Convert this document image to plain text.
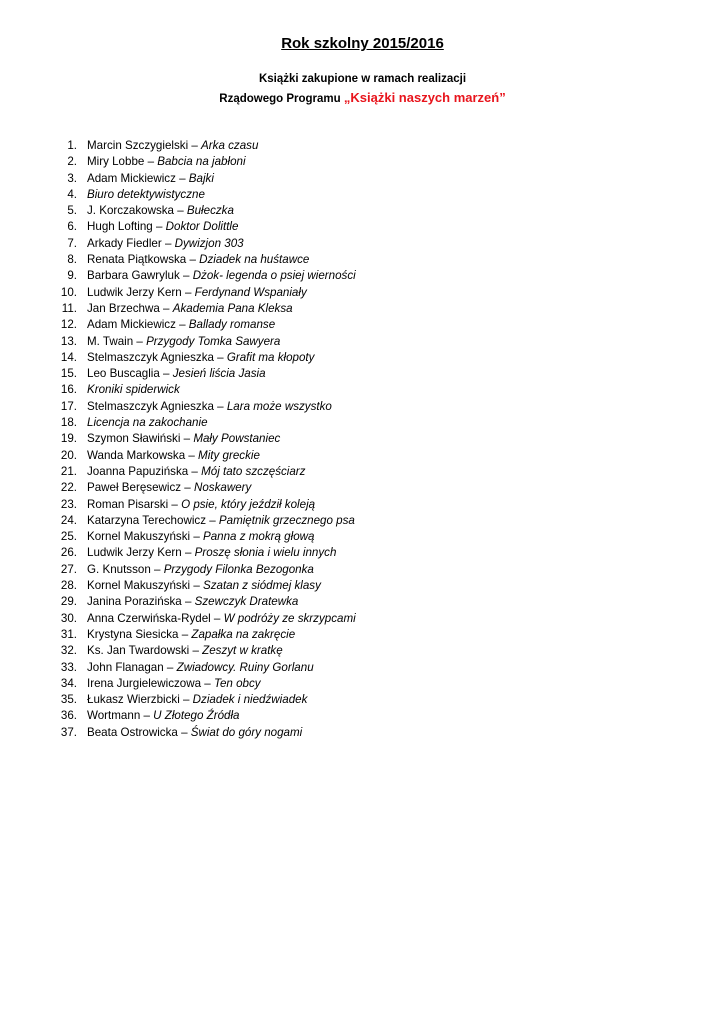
Rok szkolny 2015/2016
Książki zakupione w ramach realizacji
Rządowego Programu „Książki naszych marzeń”
1. Marcin Szczygielski – Arka czasu
2. Miry Lobbe – Babcia na jabłoni
3. Adam Mickiewicz – Bajki
4. Biuro detektywistyczne
5. J. Korczakowska – Bułeczka
6. Hugh Lofting – Doktor Dolittle
7. Arkady Fiedler – Dywizjon 303
8. Renata Piątkowska – Dziadek na huśtawce
9. Barbara Gawryluk – Dżok- legenda o psiej wierności
10. Ludwik Jerzy Kern – Ferdynand Wspaniały
11. Jan Brzechwa – Akademia Pana Kleksa
12. Adam Mickiewicz – Ballady romanse
13. M. Twain – Przygody Tomka Sawyera
14. Stelmaszczyk Agnieszka – Grafit ma kłopoty
15. Leo Buscaglia – Jesień liścia Jasia
16. Kroniki spiderwick
17. Stelmaszczyk Agnieszka – Lara może wszystko
18. Licencja na zakochanie
19. Szymon Sławiński – Mały Powstaniec
20. Wanda Markowska – Mity greckie
21. Joanna Papuzińska – Mój tato szczęściarz
22. Paweł Beręsewicz – Noskawery
23. Roman Pisarski – O psie, który jeździł koleją
24. Katarzyna Terechowicz – Pamiętnik grzecznego psa
25. Kornel Makuszyński – Panna z mokrą głową
26. Ludwik Jerzy Kern – Proszę słonia i wielu innych
27. G. Knutsson – Przygody Filonka Bezogonka
28. Kornel Makuszyński – Szatan z siódmej klasy
29. Janina Porazińska – Szewczyk Dratewka
30. Anna Czerwińska-Rydel – W podróży ze skrzypcami
31. Krystyna Siesicka – Zapałka na zakręcie
32. Ks. Jan Twardowski – Zeszyt w kratkę
33. John Flanagan – Zwiadowcy. Ruiny Gorlanu
34. Irena Jurgielewiczowa – Ten obcy
35. Łukasz Wierzbicki – Dziadek i niedźwiadek
36. Wortmann – U Złotego Źródła
37. Beata Ostrowicka – Świat do góry nogami
